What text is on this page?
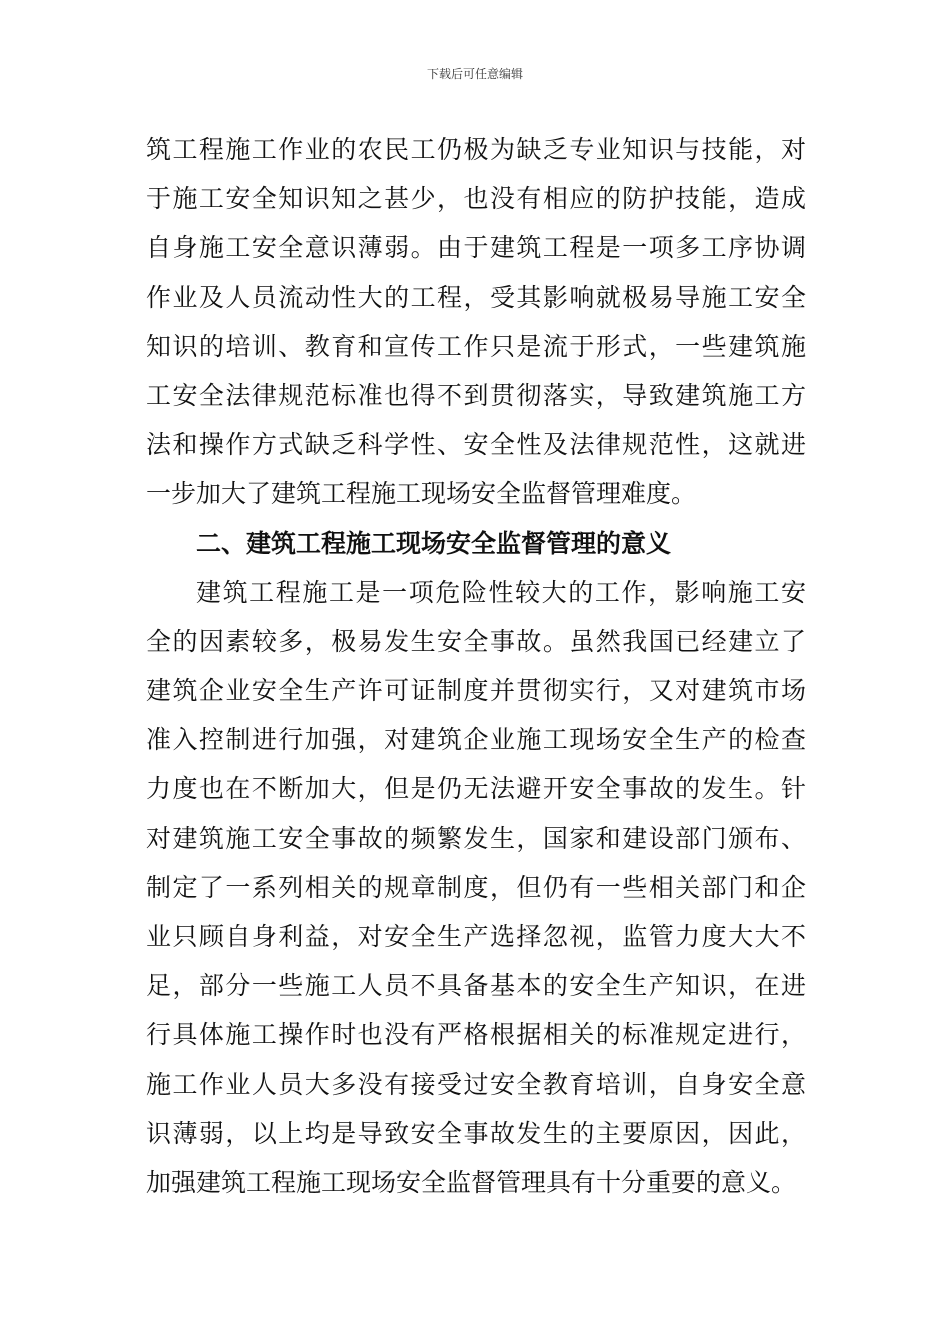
下载后可任意编辑
筑工程施工作业的农民工仍极为缺乏专业知识与技能，对
于施工安全知识知之甚少，也没有相应的防护技能，造成
自身施工安全意识薄弱。由于建筑工程是一项多工序协调
作业及人员流动性大的工程，受其影响就极易导施工安全
知识的培训、教育和宣传工作只是流于形式，一些建筑施
工安全法律规范标准也得不到贯彻落实，导致建筑施工方
法和操作方式缺乏科学性、安全性及法律规范性，这就进
一步加大了建筑工程施工现场安全监督管理难度。
二、建筑工程施工现场安全监督管理的意义
建筑工程施工是一项危险性较大的工作，影响施工安
全的因素较多，极易发生安全事故。虽然我国已经建立了
建筑企业安全生产许可证制度并贯彻实行，又对建筑市场
准入控制进行加强，对建筑企业施工现场安全生产的检查
力度也在不断加大，但是仍无法避开安全事故的发生。针
对建筑施工安全事故的频繁发生，国家和建设部门颁布、
制定了一系列相关的规章制度，但仍有一些相关部门和企
业只顾自身利益，对安全生产选择忽视，监管力度大大不
足，部分一些施工人员不具备基本的安全生产知识，在进
行具体施工操作时也没有严格根据相关的标准规定进行，
施工作业人员大多没有接受过安全教育培训，自身安全意
识薄弱，以上均是导致安全事故发生的主要原因，因此，
加强建筑工程施工现场安全监督管理具有十分重要的意义。
